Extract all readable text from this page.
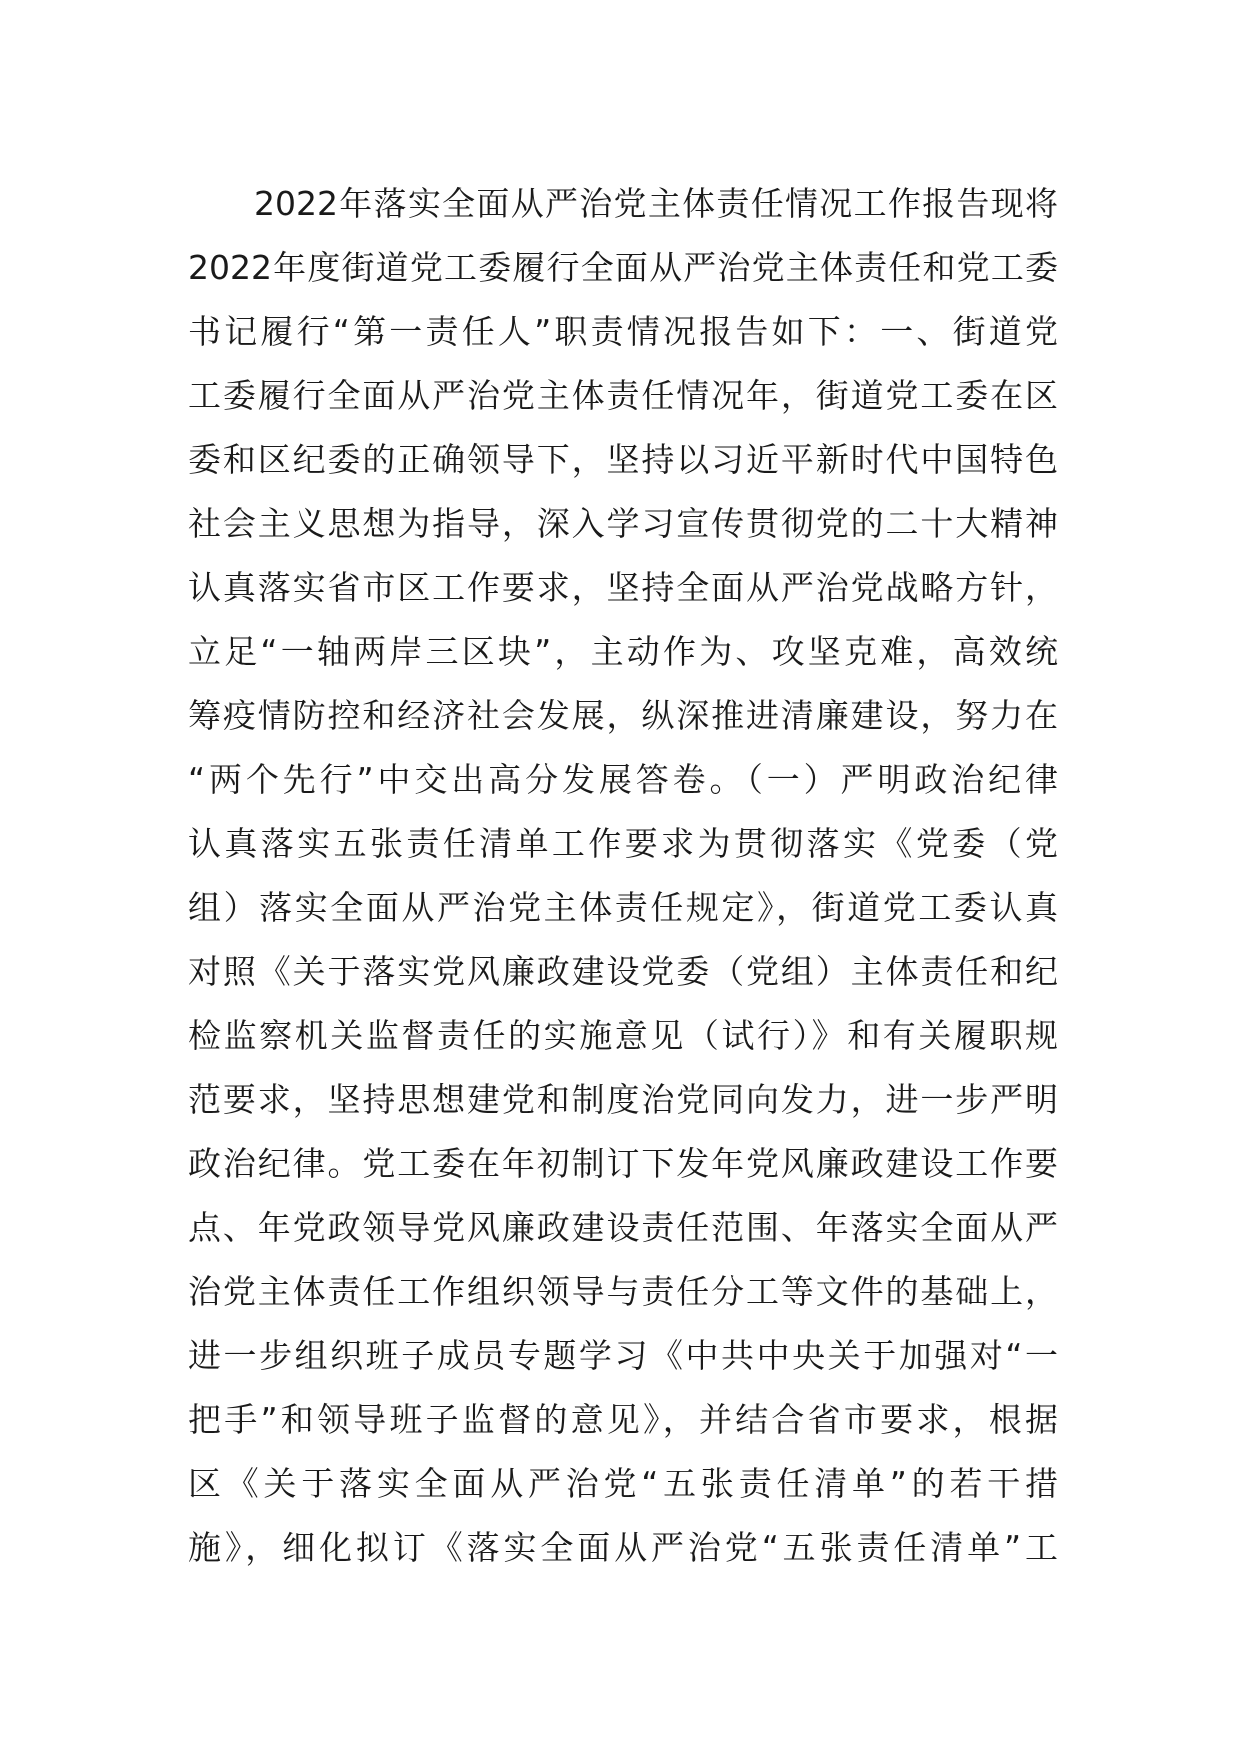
2022年落实全面从严治党主体责任情况工作报告现将
2022年度街道党工委履行全面从严治党主体责任和党工委
书记履行“第一责任人”职责情况报告如下：一、街道党
工委履行全面从严治党主体责任情况年，街道党工委在区
委和区纪委的正确领导下，坚持以习近平新时代中国特色
社会主义思想为指导，深入学习宣传贯彻党的二十大精神
认真落实省市区工作要求，坚持全面从严治党战略方针，
立足“一轴两岸三区块”，主动作为、攻坚克难，高效统
筹疫情防控和经济社会发展，纵深推进清廉建设，努力在
“两个先行”中交出高分发展答卷。（一）严明政治纪律
认真落实五张责任清单工作要求为贯彻落实《党委（党
组）落实全面从严治党主体责任规定》，街道党工委认真
对照《关于落实党风廉政建设党委（党组）主体责任和纪
检监察机关监督责任的实施意见（试行）》和有关履职规
范要求，坚持思想建党和制度治党同向发力，进一步严明
政治纪律。党工委在年初制订下发年党风廉政建设工作要
点、年党政领导党风廉政建设责任范围、年落实全面从严
治党主体责任工作组织领导与责任分工等文件的基础上，
进一步组织班子成员专题学习《中共中央关于加强对“一
把手”和领导班子监督的意见》，并结合省市要求，根据
区《关于落实全面从严治党“五张责任清单”的若干措
施》，细化拟订《落实全面从严治党“五张责任清单”工
